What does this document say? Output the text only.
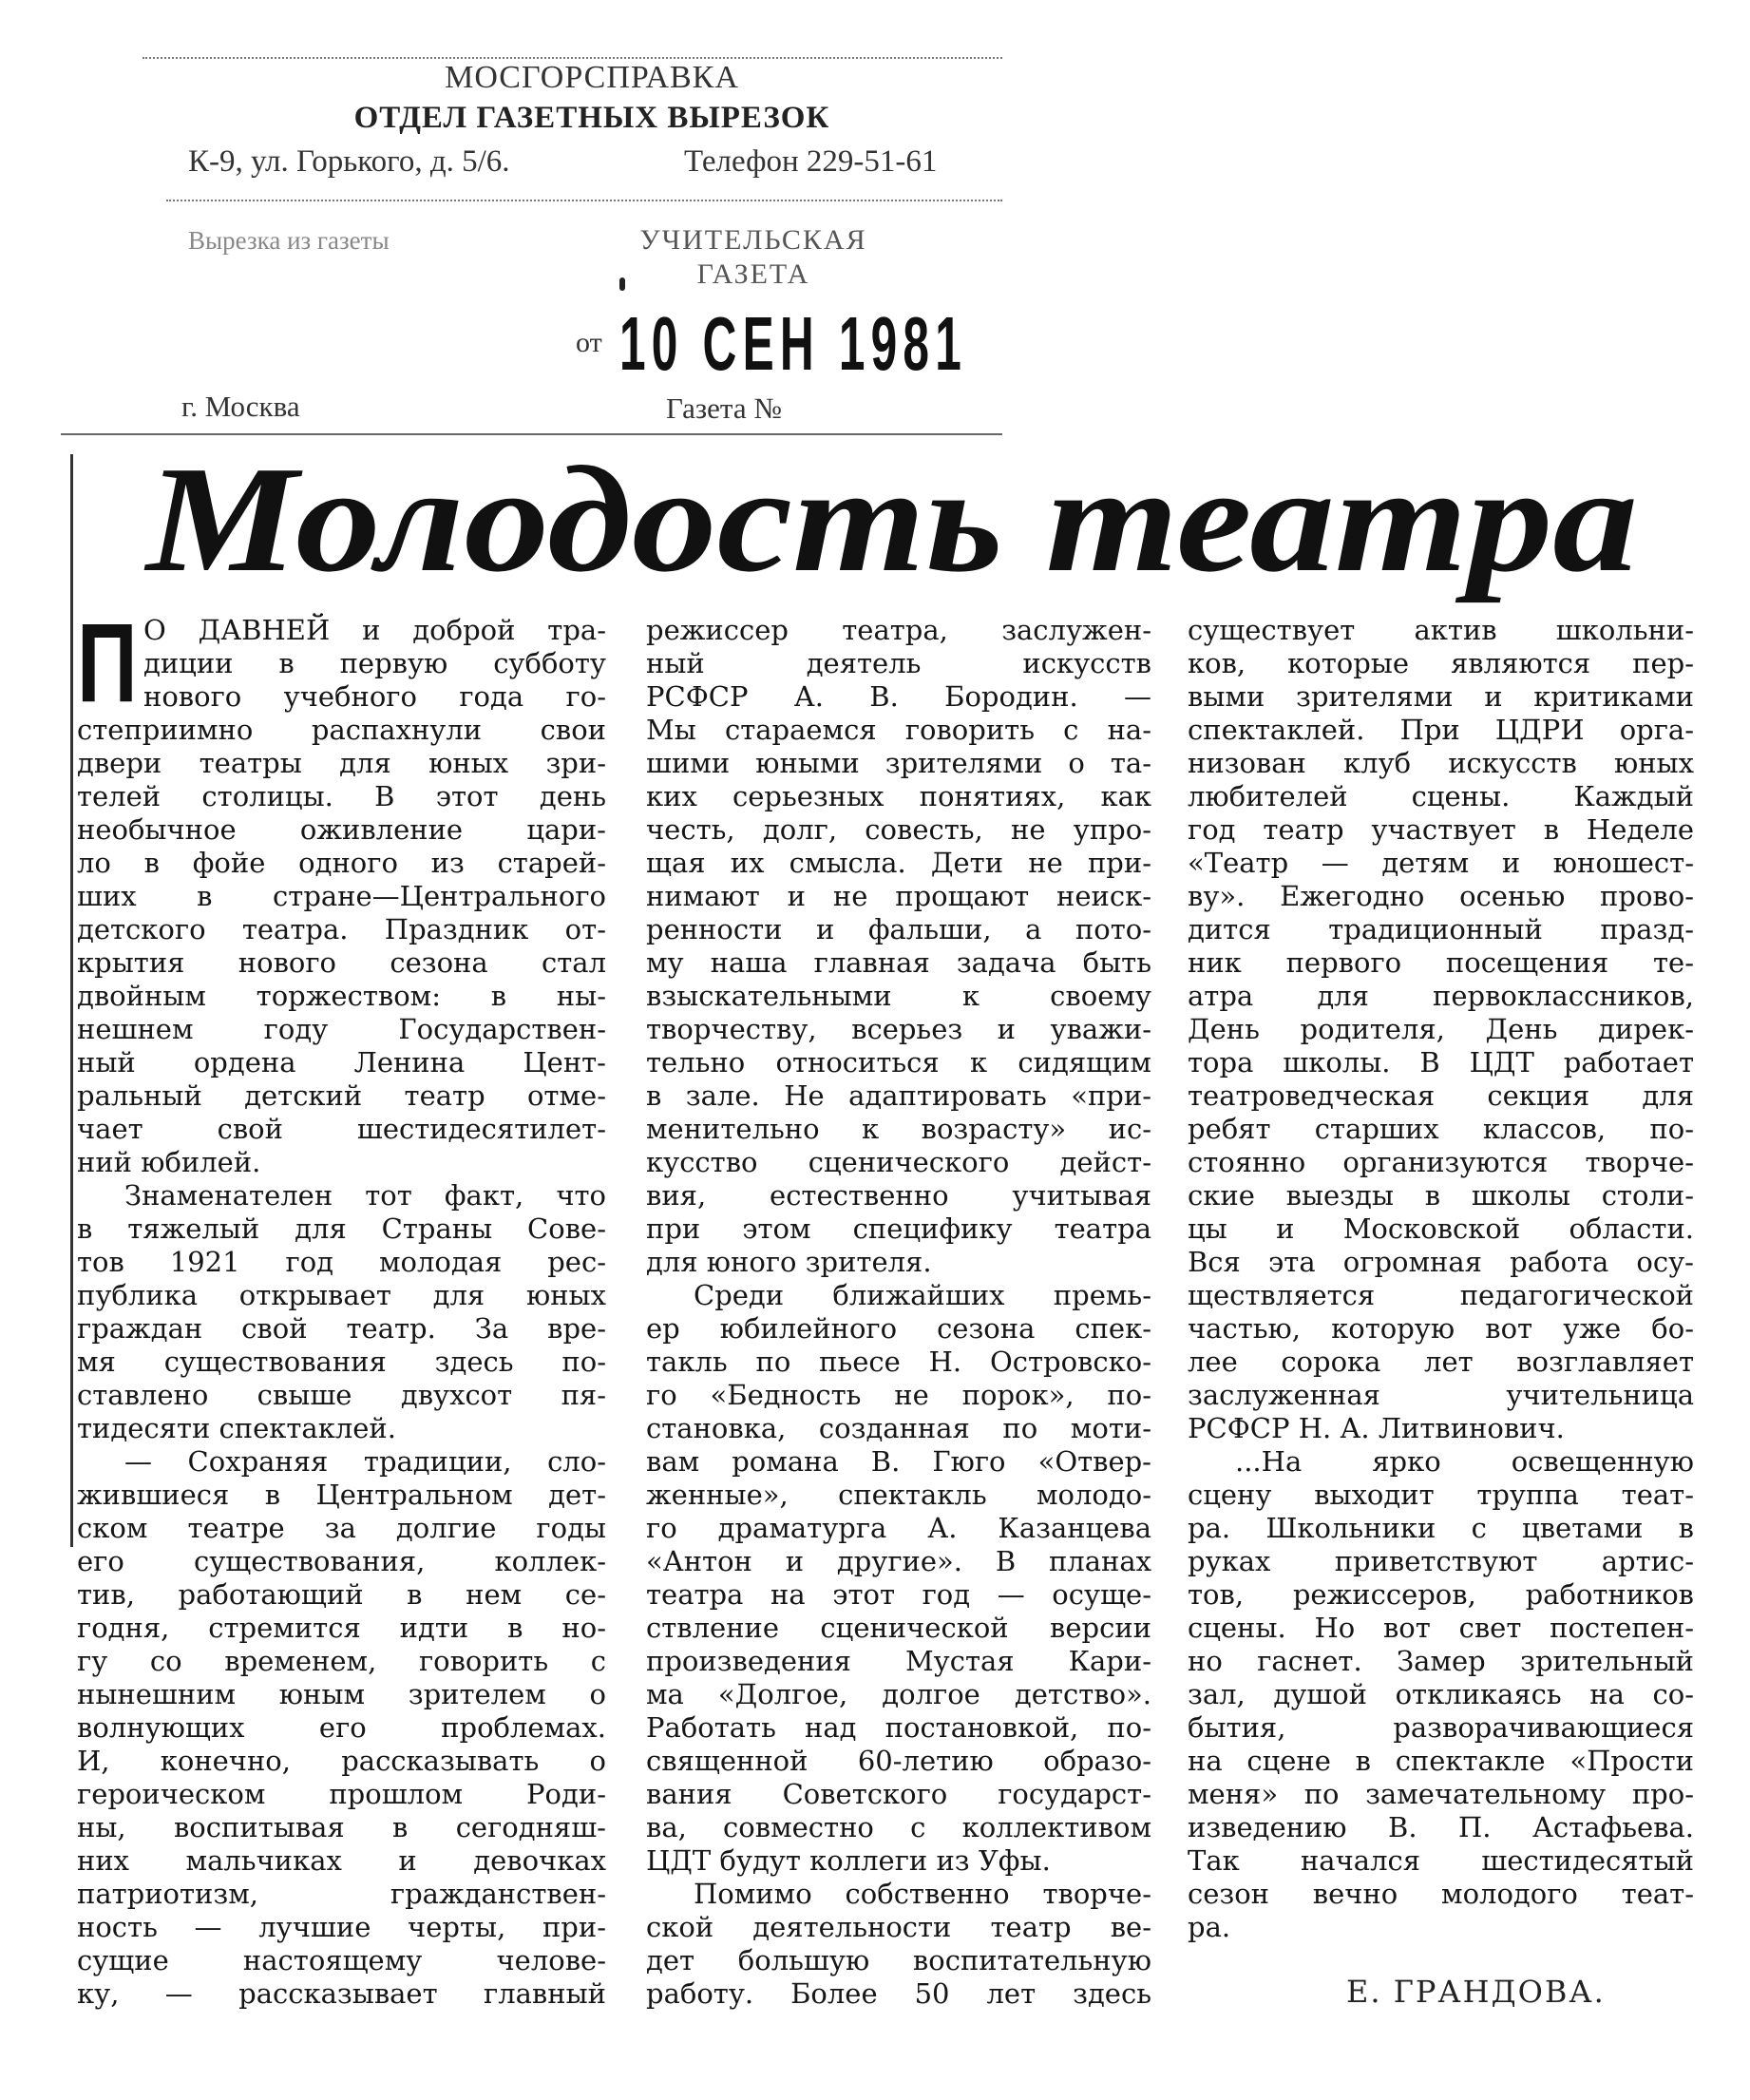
МОСГОРСПРАВКА
ОТДЕЛ ГАЗЕТНЫХ ВЫРЕЗОК
К-9, ул. Горького, д. 5/6.	Телефон 229-51-61
Вырезка из газеты	УЧИТЕЛЬСКАЯ
ГАЗЕТА
от 10 СЕН 1981
г. Москва	Газета №
Молодость театра
П О ДАВНЕЙ и доброй тра-
диции в первую субботу
нового учебного года го-
степриимно распахнули свои
двери театры для юных зри-
телей столицы. В этот день
необычное оживление цари-
ло в фойе одного из старей-
ших в стране—Центрального
детского театра. Праздник от-
крытия нового сезона стал
двойным торжеством: в ны-
нешнем году Государствен-
ный ордена Ленина Цент-
ральный детский театр отме-
чает свой шестидесятилет-
ний юбилей.
Знаменателен тот факт, что
в тяжелый для Страны Сове-
тов 1921 год молодая рес-
публика открывает для юных
граждан свой театр. За вре-
мя существования здесь по-
ставлено свыше двухсот пя-
тидесяти спектаклей.
— Сохраняя традиции, сло-
жившиеся в Центральном дет-
ском театре за долгие годы
его существования, коллек-
тив, работающий в нем се-
годня, стремится идти в но-
гу со временем, говорить с
нынешним юным зрителем о
волнующих его проблемах.
И, конечно, рассказывать о
героическом прошлом Роди-
ны, воспитывая в сегодняш-
них мальчиках и девочках
патриотизм, гражданствен-
ность — лучшие черты, при-
сущие настоящему челове-
ку, — рассказывает главный
режиссер театра, заслужен-
ный деятель искусств
РСФСР А. В. Бородин. —
Мы стараемся говорить с на-
шими юными зрителями о та-
ких серьезных понятиях, как
честь, долг, совесть, не упро-
щая их смысла. Дети не при-
нимают и не прощают неиск-
ренности и фальши, а пото-
му наша главная задача быть
взыскательными к своему
творчеству, всерьез и уважи-
тельно относиться к сидящим
в зале. Не адаптировать «при-
менительно к возрасту» ис-
кусство сценического дейст-
вия, естественно учитывая
при этом специфику театра
для юного зрителя.
Среди ближайших премь-
ер юбилейного сезона спек-
такль по пьесе Н. Островско-
го «Бедность не порок», по-
становка, созданная по моти-
вам романа В. Гюго «Отвер-
женные», спектакль молодо-
го драматурга А. Казанцева
«Антон и другие». В планах
театра на этот год — осуще-
ствление сценической версии
произведения Мустая Кари-
ма «Долгое, долгое детство».
Работать над постановкой, по-
священной 60-летию образо-
вания Советского государст-
ва, совместно с коллективом
ЦДТ будут коллеги из Уфы.
Помимо собственно творче-
ской деятельности театр ве-
дет большую воспитательную
работу. Более 50 лет здесь
существует актив школьни-
ков, которые являются пер-
выми зрителями и критиками
спектаклей. При ЦДРИ орга-
низован клуб искусств юных
любителей сцены. Каждый
год театр участвует в Неделе
«Театр — детям и юношест-
ву». Ежегодно осенью прово-
дится традиционный празд-
ник первого посещения те-
атра для первоклассников,
День родителя, День дирек-
тора школы. В ЦДТ работает
театроведческая секция для
ребят старших классов, по-
стоянно организуются творче-
ские выезды в школы столи-
цы и Московской области.
Вся эта огромная работа осу-
ществляется педагогической
частью, которую вот уже бо-
лее сорока лет возглавляет
заслуженная учительница
РСФСР Н. А. Литвинович.
...На ярко освещенную
сцену выходит труппа теат-
ра. Школьники с цветами в
руках приветствуют артис-
тов, режиссеров, работников
сцены. Но вот свет постепен-
но гаснет. Замер зрительный
зал, душой откликаясь на со-
бытия, разворачивающиеся
на сцене в спектакле «Прости
меня» по замечательному про-
изведению В. П. Астафьева.
Так начался шестидесятый
сезон вечно молодого теат-
ра.
Е. ГРАНДОВА.
